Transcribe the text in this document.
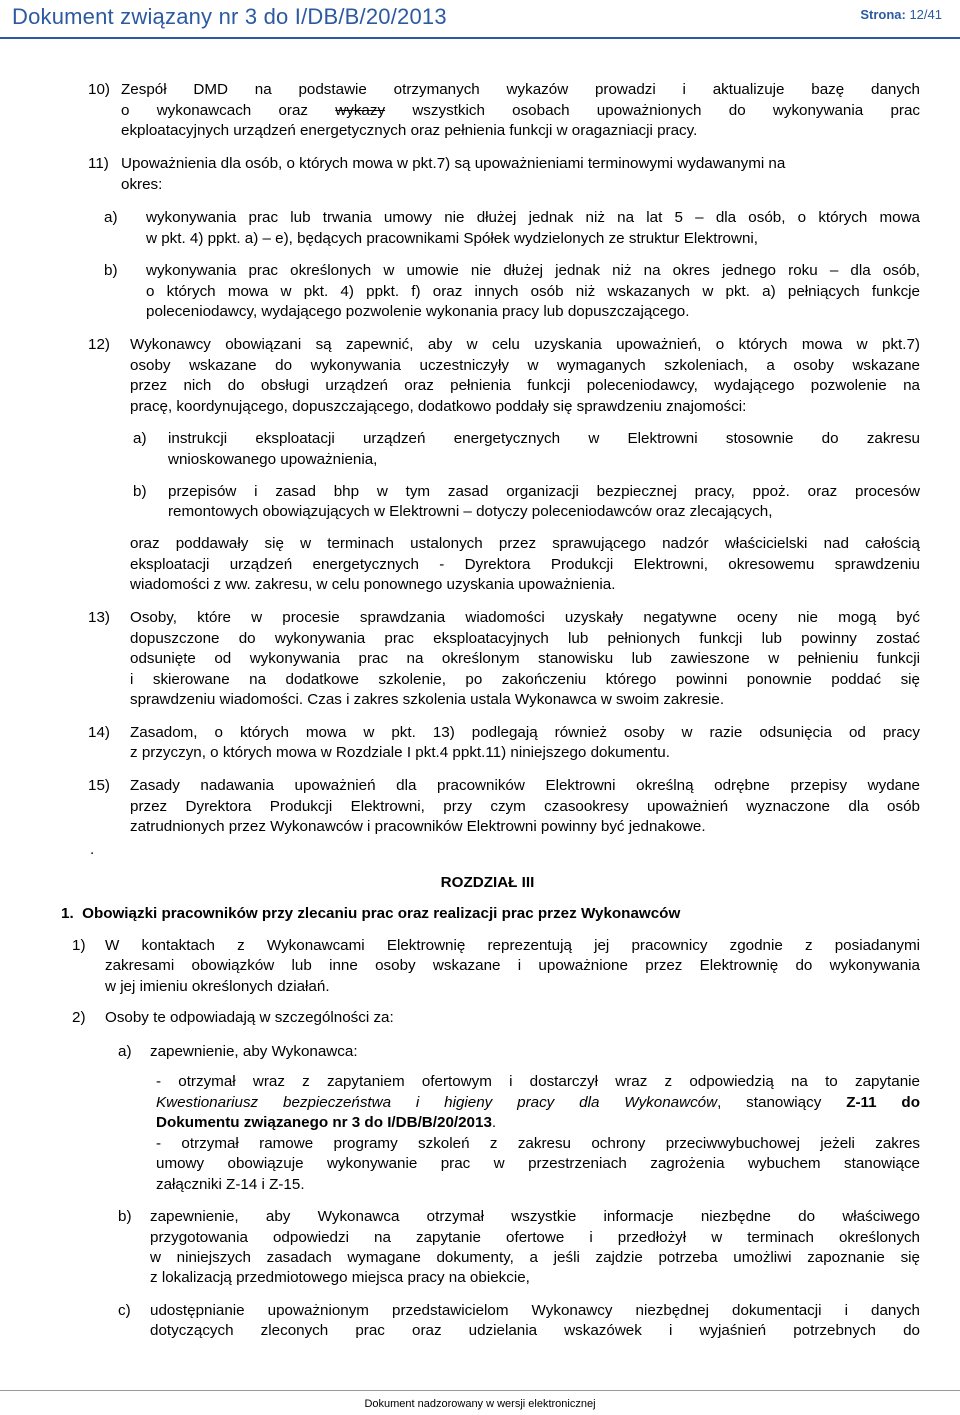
Dokument związany nr 3 do I/DB/B/20/2013	Strona: 12/41
10) Zespół DMD na podstawie otrzymanych wykazów prowadzi i aktualizuje bazę danych
o wykonawcach oraz wykazy wszystkich osobach upoważnionych do wykonywania prac
ekploatacyjnych urządzeń energetycznych oraz pełnienia funkcji w oragazniacji pracy.
11) Upoważnienia dla osób, o których mowa w pkt.7) są upoważnieniami terminowymi wydawanymi na
okres:
a) wykonywania prac lub trwania umowy nie dłużej jednak niż na lat 5 – dla osób, o których mowa
w pkt. 4) ppkt. a) – e), będących pracownikami Spółek wydzielonych ze struktur Elektrowni,
b) wykonywania prac określonych w umowie nie dłużej jednak niż na okres jednego roku – dla osób,
o których mowa w pkt. 4) ppkt. f) oraz innych osób niż wskazanych w pkt. a) pełniących funkcje
poleceniodawcy, wydającego pozwolenie wykonania pracy lub dopuszczającego.
12) Wykonawcy obowiązani są zapewnić, aby w celu uzyskania upoważnień, o których mowa w pkt.7)
osoby wskazane do wykonywania uczestniczyły w wymaganych szkoleniach, a osoby wskazane
przez nich do obsługi urządzeń oraz pełnienia funkcji poleceniodawcy, wydającego pozwolenie na
pracę, koordynującego, dopuszczającego, dodatkowo poddały się sprawdzeniu znajomości:
a) instrukcji eksploatacji urządzeń energetycznych w Elektrowni stosownie do zakresu
wnioskowanego upoważnienia,
b) przepisów i zasad bhp w tym zasad organizacji bezpiecznej pracy, ppoż. oraz procesów
remontowych obowiązujących w Elektrowni – dotyczy poleceniodawców oraz zlecających,
oraz poddawały się w terminach ustalonych przez sprawującego nadzór właścicielski nad całością
eksploatacji urządzeń energetycznych - Dyrektora Produkcji Elektrowni, okresowemu sprawdzeniu
wiadomości z ww. zakresu, w celu ponownego uzyskania upoważnienia.
13) Osoby, które w procesie sprawdzania wiadomości uzyskały negatywne oceny nie mogą być
dopuszczone do wykonywania prac eksploatacyjnych lub pełnionych funkcji lub powinny zostać
odsunięte od wykonywania prac na określonym stanowisku lub zawieszone w pełnieniu funkcji
i skierowane na dodatkowe szkolenie, po zakończeniu którego powinni ponownie poddać się
sprawdzeniu wiadomości. Czas i zakres szkolenia ustala Wykonawca w swoim zakresie.
14) Zasadom, o których mowa w pkt. 13) podlegają również osoby w razie odsunięcia od pracy
z przyczyn, o których mowa w Rozdziale I pkt.4 ppkt.11) niniejszego dokumentu.
15) Zasady nadawania upoważnień dla pracowników Elektrowni określną odrębne przepisy wydane
przez Dyrektora Produkcji Elektrowni, przy czym czasookresy upoważnień wyznaczone dla osób
zatrudnionych przez Wykonawców i pracowników Elektrowni powinny być jednakowe.
.
ROZDZIAŁ III
1. Obowiązki pracowników przy zlecaniu prac oraz realizacji prac przez Wykonawców
1) W kontaktach z Wykonawcami Elektrownię reprezentują jej pracownicy zgodnie z posiadanymi
zakresami obowiązków lub inne osoby wskazane i upoważnione przez Elektrownię do wykonywania
w jej imieniu określonych działań.
2) Osoby te odpowiadają w szczególności za:
a) zapewnienie, aby Wykonawca:
- otrzymał wraz z zapytaniem ofertowym i dostarczył wraz z odpowiedzią na to zapytanie
Kwestionariusz bezpieczeństwa i higieny pracy dla Wykonawców, stanowiący Z-11 do
Dokumentu związanego nr 3 do I/DB/B/20/2013.
- otrzymał ramowe programy szkoleń z zakresu ochrony przeciwwybuchowej jeżeli zakres
umowy obowiązuje wykonywanie prac w przestrzeniach zagrożenia wybuchem stanowiące
załączniki Z-14 i Z-15.
b) zapewnienie, aby Wykonawca otrzymał wszystkie informacje niezbędne do właściwego
przygotowania odpowiedzi na zapytanie ofertowe i przedłożył w terminach określonych
w niniejszych zasadach wymagane dokumenty, a jeśli zajdzie potrzeba umożliwi zapoznanie się
z lokalizacją przedmiotowego miejsca pracy na obiekcie,
c) udostępnianie upoważnionym przedstawicielom Wykonawcy niezbędnej dokumentacji i danych
dotyczących zleconych prac oraz udzielania wskazówek i wyjaśnień potrzebnych do
Dokument nadzorowany w wersji elektronicznej
